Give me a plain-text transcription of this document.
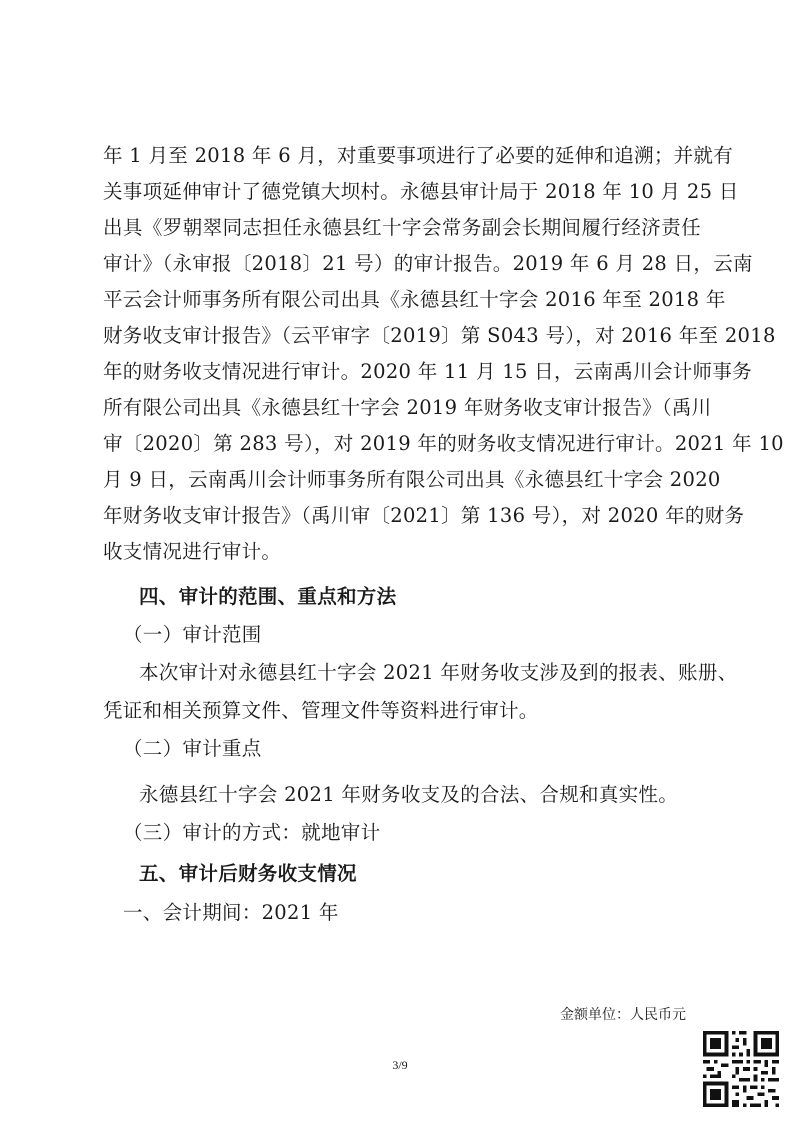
年 1 月至 2018 年 6 月，对重要事项进行了必要的延伸和追溯；并就有
关事项延伸审计了德党镇大坝村。永德县审计局于 2018 年 10 月 25 日
出具《罗朝翠同志担任永德县红十字会常务副会长期间履行经济责任
审计》（永审报〔2018〕21 号）的审计报告。2019 年 6 月 28 日，云南
平云会计师事务所有限公司出具《永德县红十字会 2016 年至 2018 年
财务收支审计报告》（云平审字〔2019〕第 S043 号），对 2016 年至 2018
年的财务收支情况进行审计。2020 年 11 月 15 日，云南禹川会计师事务
所有限公司出具《永德县红十字会 2019 年财务收支审计报告》（禹川
审〔2020〕第 283 号），对 2019 年的财务收支情况进行审计。2021 年 10
月 9 日，云南禹川会计师事务所有限公司出具《永德县红十字会 2020
年财务收支审计报告》（禹川审〔2021〕第 136 号），对 2020 年的财务
收支情况进行审计。
四、审计的范围、重点和方法
（一）审计范围
本次审计对永德县红十字会 2021 年财务收支涉及到的报表、账册、
凭证和相关预算文件、管理文件等资料进行审计。
（二）审计重点
永德县红十字会 2021 年财务收支及的合法、合规和真实性。
（三）审计的方式：就地审计
五、审计后财务收支情况
一、会计期间：2021 年
金额单位：人民币元
3/9
